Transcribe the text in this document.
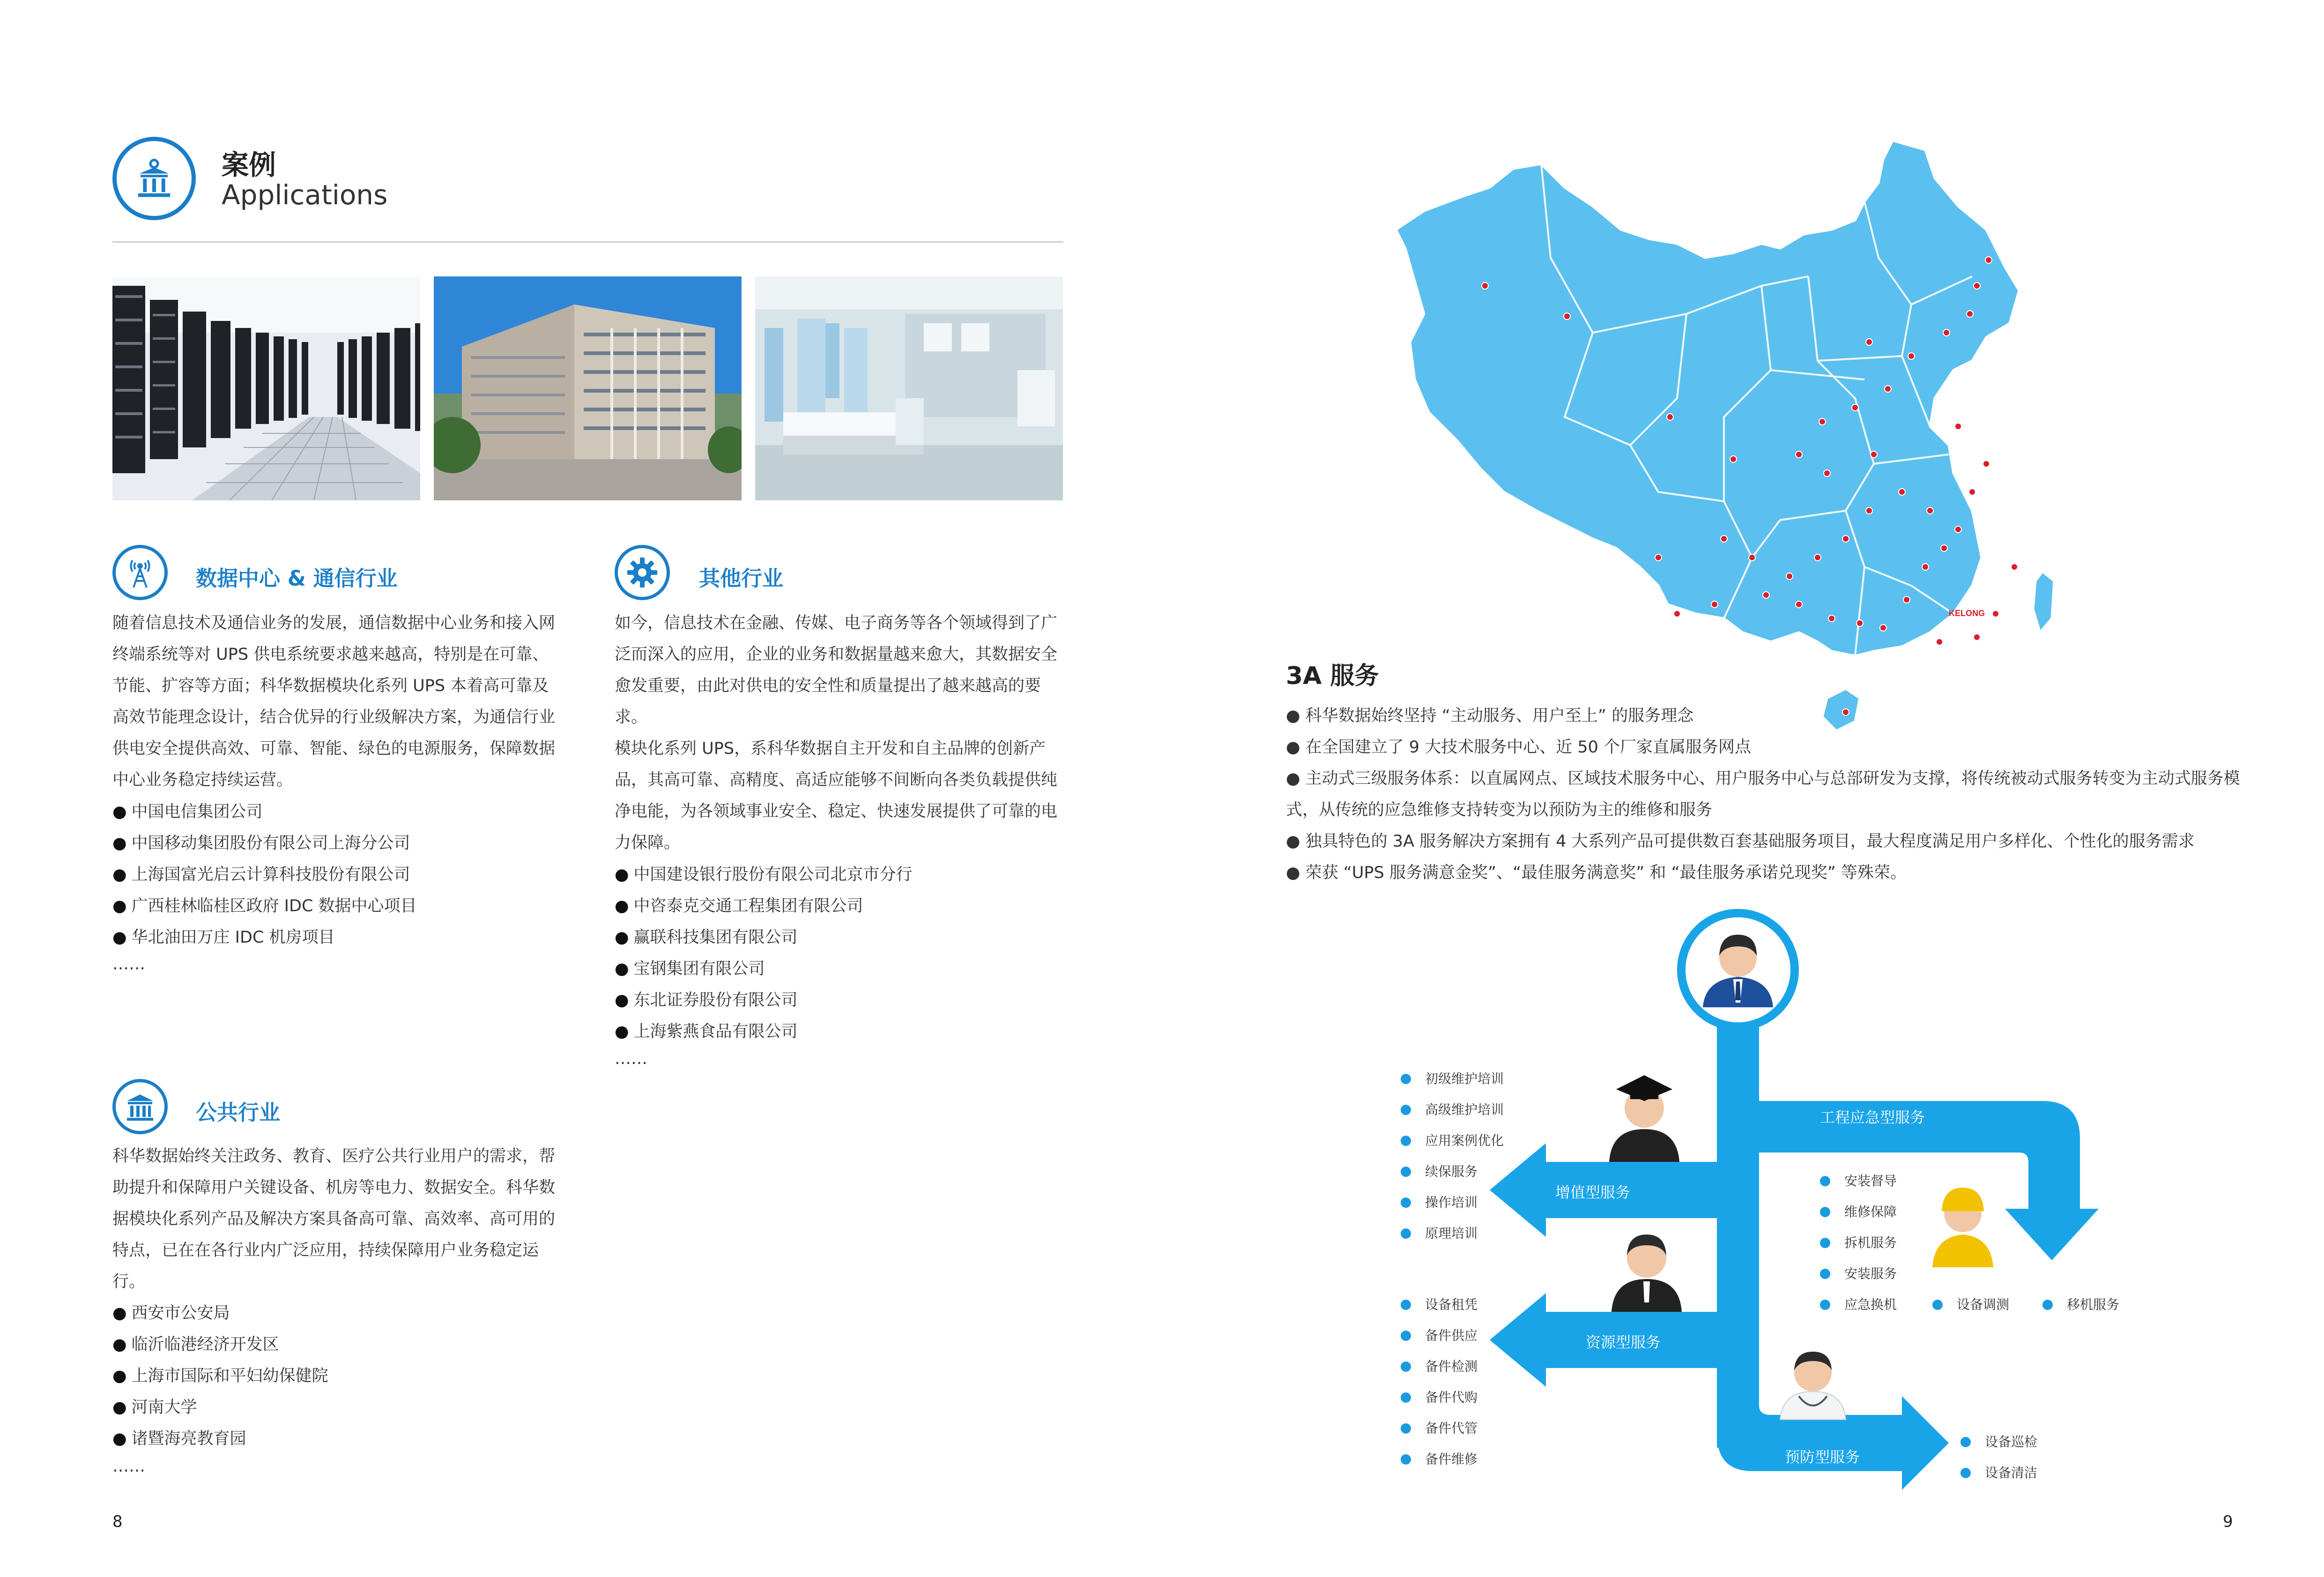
案例
Applications
数据中心 & 通信行业
随着信息技术及通信业务的发展，通信数据中心业务和接入网终端系统等对 UPS 供电系统要求越来越高，特别是在可靠、节能、扩容等方面；科华数据模块化系列 UPS 本着高可靠及高效节能理念设计，结合优异的行业级解决方案，为通信行业供电安全提供高效、可靠、智能、绿色的电源服务，保障数据中心业务稳定持续运营。
● 中国电信集团公司
● 中国移动集团股份有限公司上海分公司
● 上海国富光启云计算科技股份有限公司
● 广西桂林临桂区政府 IDC 数据中心项目
● 华北油田万庄 IDC 机房项目
……
其他行业
如今，信息技术在金融、传媒、电子商务等各个领域得到了广泛而深入的应用，企业的业务和数据量越来愈大，其数据安全愈发重要，由此对供电的安全性和质量提出了越来越高的要求。
模块化系列 UPS，系科华数据自主开发和自主品牌的创新产品，其高可靠、高精度、高适应能够不间断向各类负载提供纯净电能，为各领域事业安全、稳定、快速发展提供了可靠的电力保障。
● 中国建设银行股份有限公司北京市分行
● 中咨泰克交通工程集团有限公司
● 赢联科技集团有限公司
● 宝钢集团有限公司
● 东北证券股份有限公司
● 上海紫燕食品有限公司
……
公共行业
科华数据始终关注政务、教育、医疗公共行业用户的需求，帮助提升和保障用户关键设备、机房等电力、数据安全。科华数据模块化系列产品及解决方案具备高可靠、高效率、高可用的特点，已在在各行业内广泛应用，持续保障用户业务稳定运行。
● 西安市公安局
● 临沂临港经济开发区
● 上海市国际和平妇幼保健院
● 河南大学
● 诸暨海亮教育园
……
8
KELONG
3A 服务
● 科华数据始终坚持 “主动服务、用户至上” 的服务理念
● 在全国建立了 9 大技术服务中心、近 50 个厂家直属服务网点
● 主动式三级服务体系：以直属网点、区域技术服务中心、用户服务中心与总部研发为支撑，将传统被动式服务转变为主动式服务模式，从传统的应急维修支持转变为以预防为主的维修和服务
● 独具特色的 3A 服务解决方案拥有 4 大系列产品可提供数百套基础服务项目，最大程度满足用户多样化、个性化的服务需求
● 荣获 “UPS 服务满意金奖”、“最佳服务满意奖” 和 “最佳服务承诺兑现奖” 等殊荣。
增值型服务
工程应急型服务
资源型服务
预防型服务
初级维护培训
高级维护培训
应用案例优化
续保服务
操作培训
原理培训
安装督导
维修保障
拆机服务
安装服务
应急换机	设备调测	移机服务
设备租凭
备件供应
备件检测
备件代购
备件代管
备件维修
设备巡检
设备清洁
9
